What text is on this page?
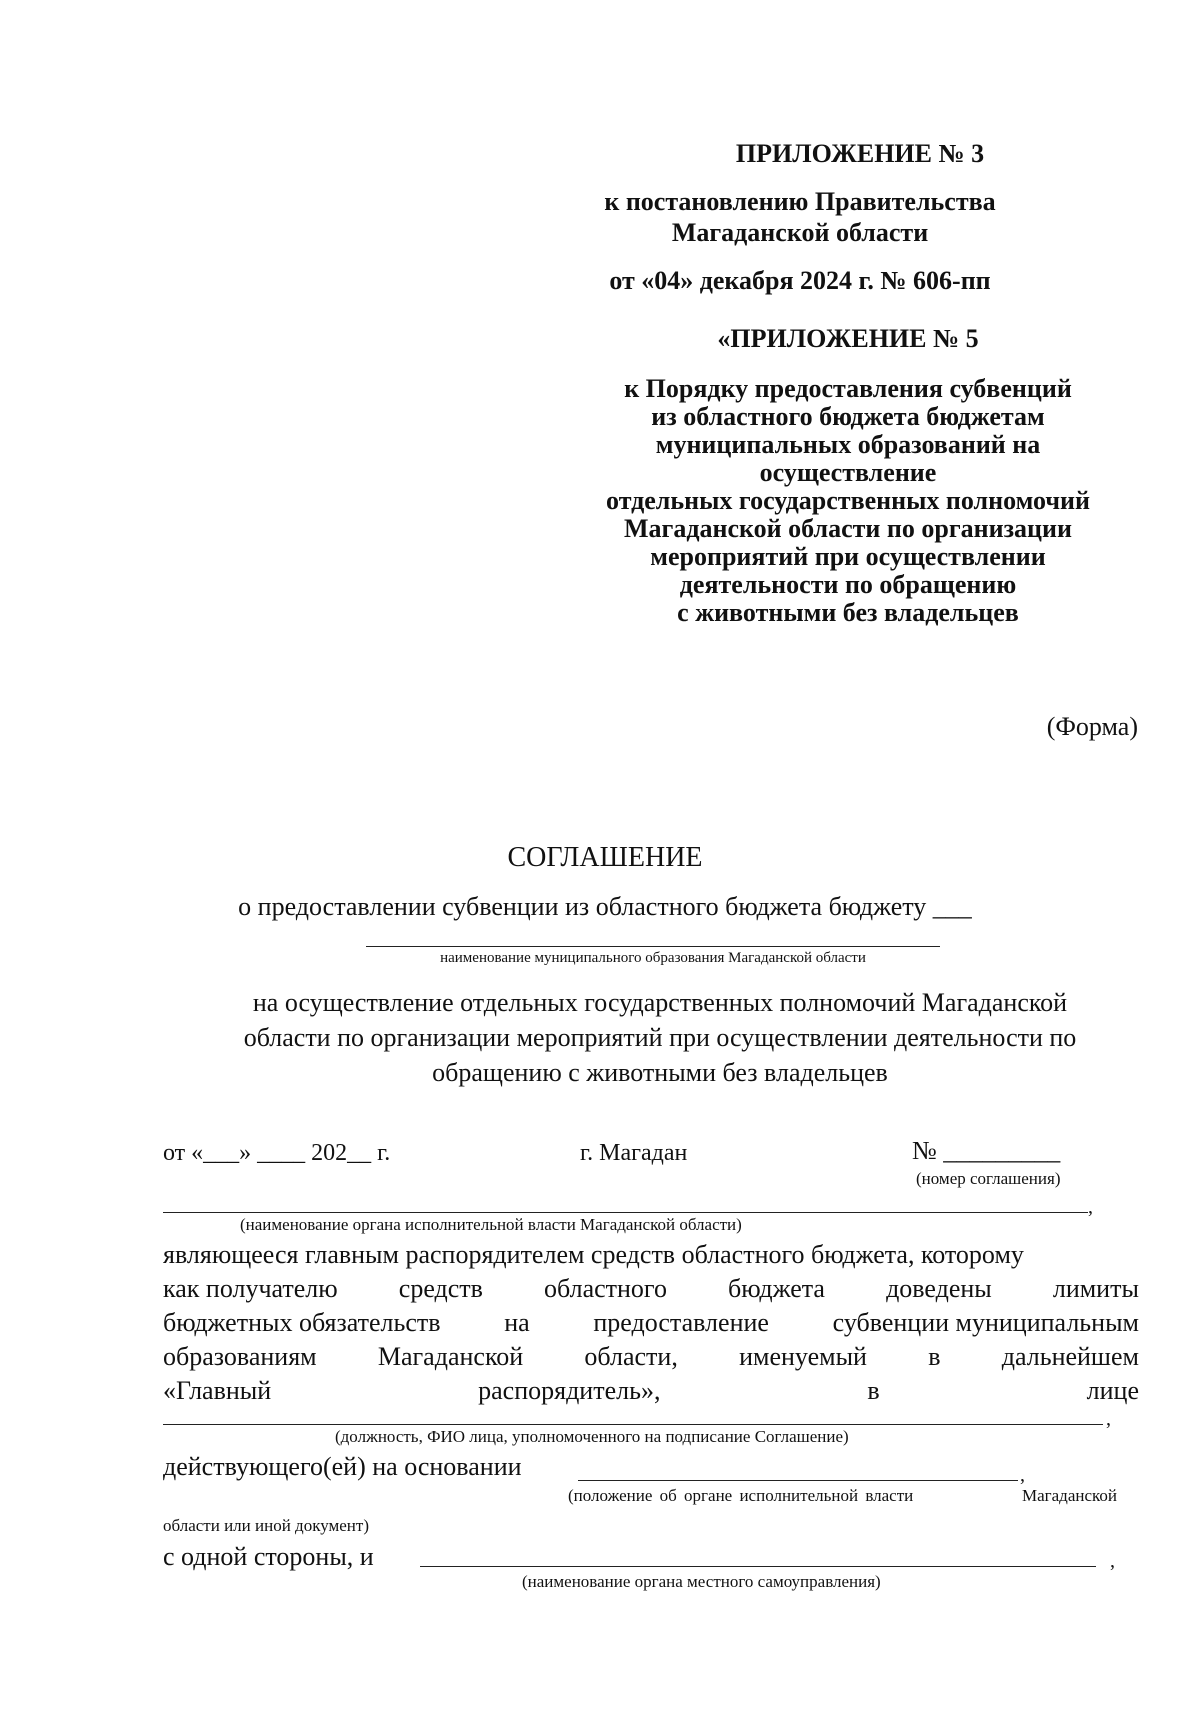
ПРИЛОЖЕНИЕ № 3
к постановлению Правительства
Магаданской области
от «04» декабря 2024 г. № 606-пп
«ПРИЛОЖЕНИЕ № 5
к Порядку предоставления субвенций
из областного бюджета бюджетам
муниципальных образований на
осуществление
отдельных государственных полномочий
Магаданской области по организации
мероприятий при осуществлении
деятельности по обращению
с животными без владельцев
(Форма)
СОГЛАШЕНИЕ
о предоставлении субвенции из областного бюджета бюджету ___
наименование муниципального образования Магаданской области
на осуществление отдельных государственных полномочий Магаданской
области по организации мероприятий при осуществлении деятельности по
обращению с животными без владельцев
от «___» ____ 202__ г.	г. Магадан	№ _________
(номер соглашения)
,
(наименование органа исполнительной власти Магаданской области)
являющееся главным распорядителем средств областного бюджета, которому
как получателю средств областного бюджета доведены лимиты
бюджетных обязательств на предоставление субвенции муниципальным
образованиям Магаданской области, именуемый в дальнейшем
«Главный	распорядитель»,	в	лице
,
(должность, ФИО лица, уполномоченного на подписание Соглашение)
действующего(ей) на основании	,
(положение об органе исполнительной власти	Магаданской
области или иной документ)
с одной стороны, и	,
(наименование органа местного самоуправления)
